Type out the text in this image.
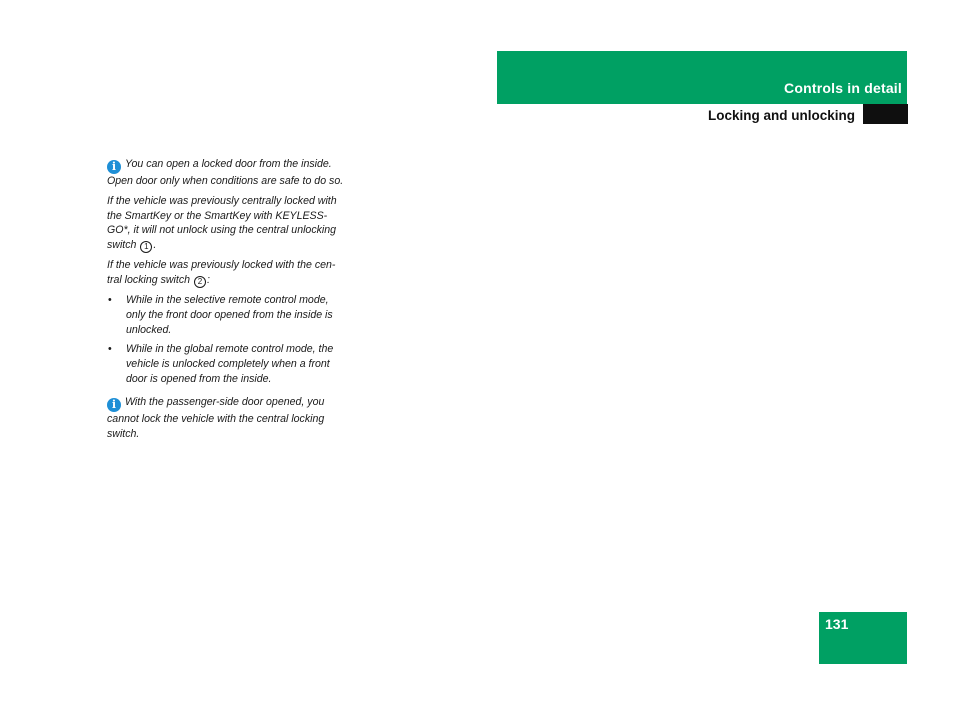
Controls in detail
Locking and unlocking

i You can open a locked door from the inside. Open door only when conditions are safe to do so.

If the vehicle was previously centrally locked with the SmartKey or the SmartKey with KEYLESS-GO*, it will not unlock using the central unlocking switch 1 .

If the vehicle was previously locked with the cen-tral locking switch 2 :

• While in the selective remote control mode, only the front door opened from the inside is unlocked.
• While in the global remote control mode, the vehicle is unlocked completely when a front door is opened from the inside.

i With the passenger-side door opened, you cannot lock the vehicle with the central locking switch.

131
